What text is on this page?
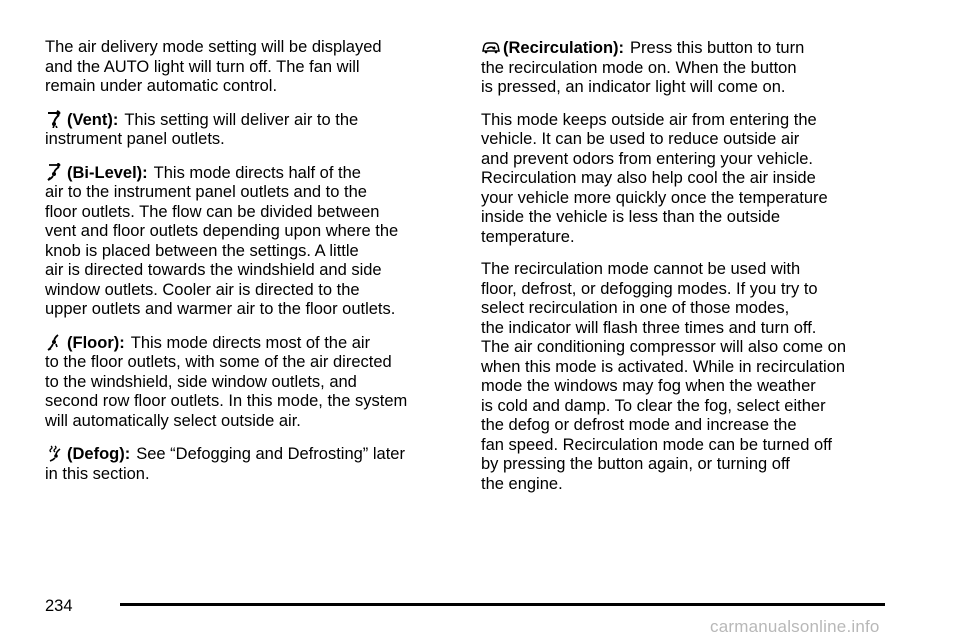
The air delivery mode setting will be displayed
and the AUTO light will turn off. The fan will
remain under automatic control.

(Vent): This setting will deliver air to the
instrument panel outlets.

(Bi-Level): This mode directs half of the
air to the instrument panel outlets and to the
floor outlets. The flow can be divided between
vent and floor outlets depending upon where the
knob is placed between the settings. A little
air is directed towards the windshield and side
window outlets. Cooler air is directed to the
upper outlets and warmer air to the floor outlets.

(Floor): This mode directs most of the air
to the floor outlets, with some of the air directed
to the windshield, side window outlets, and
second row floor outlets. In this mode, the system
will automatically select outside air.

(Defog): See “Defogging and Defrosting” later
in this section.

(Recirculation): Press this button to turn
the recirculation mode on. When the button
is pressed, an indicator light will come on.

This mode keeps outside air from entering the
vehicle. It can be used to reduce outside air
and prevent odors from entering your vehicle.
Recirculation may also help cool the air inside
your vehicle more quickly once the temperature
inside the vehicle is less than the outside
temperature.

The recirculation mode cannot be used with
floor, defrost, or defogging modes. If you try to
select recirculation in one of those modes,
the indicator will flash three times and turn off.
The air conditioning compressor will also come on
when this mode is activated. While in recirculation
mode the windows may fog when the weather
is cold and damp. To clear the fog, select either
the defog or defrost mode and increase the
fan speed. Recirculation mode can be turned off
by pressing the button again, or turning off
the engine.

234
carmanualsonline.info
